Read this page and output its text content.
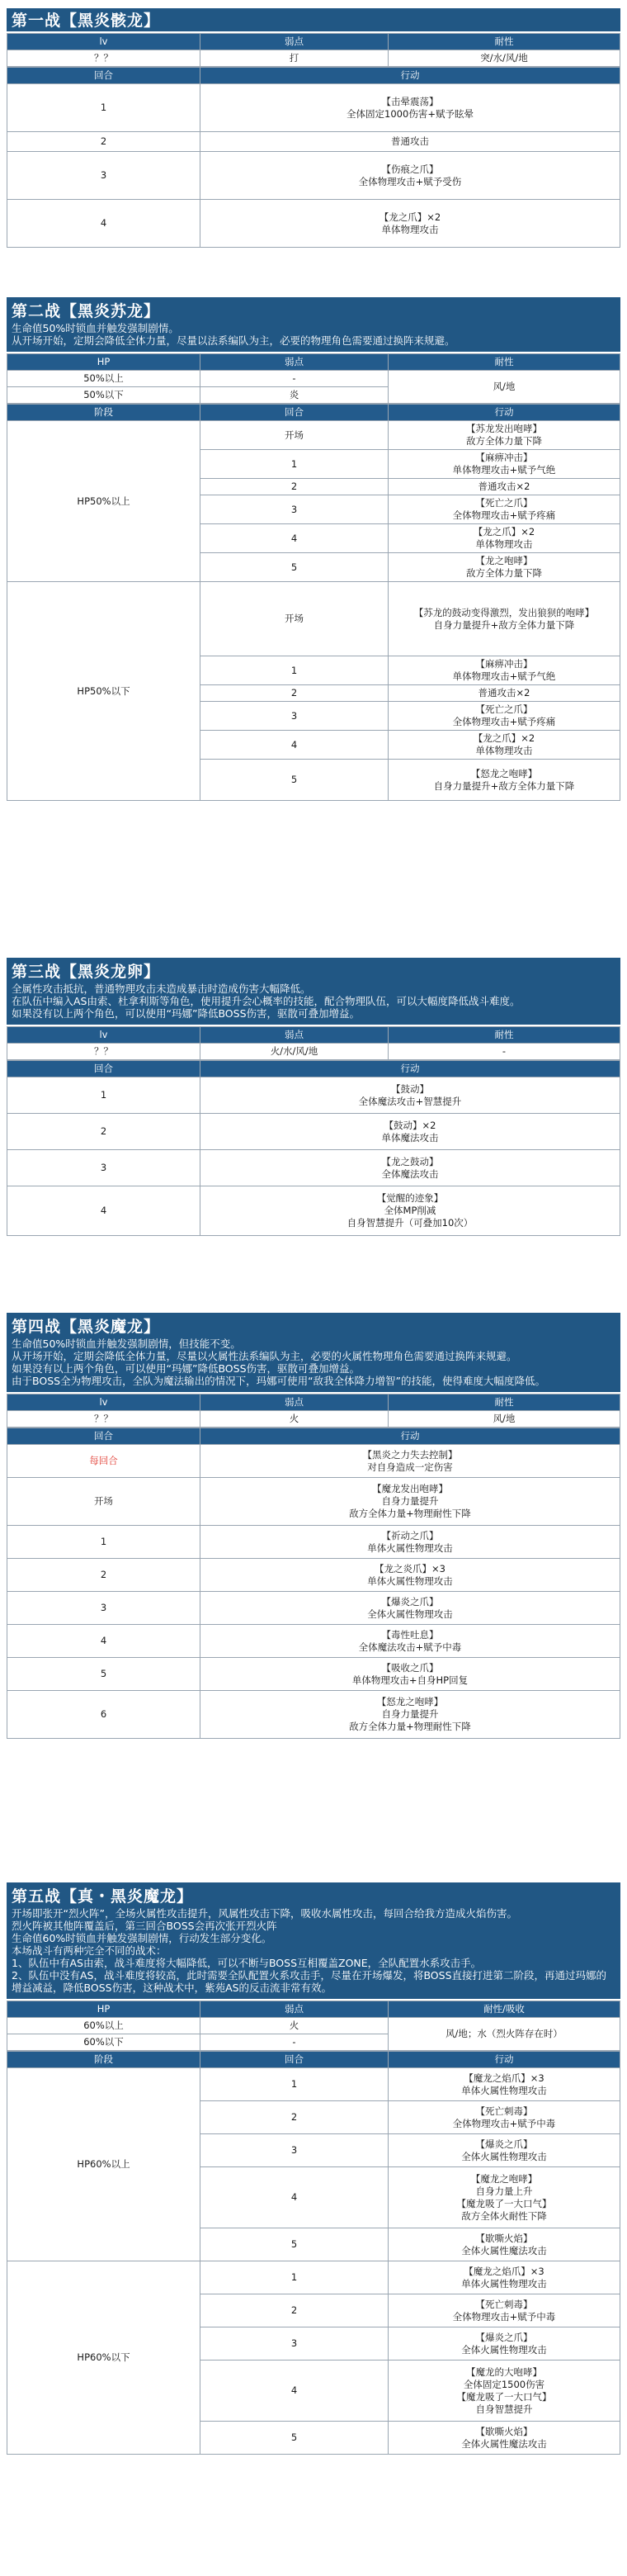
第一战【黑炎骸龙】
lv	弱点	耐性
？？	打	突/水/风/地
回合	行动
1	【击晕震荡】
全体固定1000伤害+赋予眩晕
2	普通攻击
3	【伤痕之爪】
全体物理攻击+赋予受伤
4	【龙之爪】×2
单体物理攻击
第二战【黑炎苏龙】
生命值50%时锁血并触发强制剧情。
从开场开始，定期会降低全体力量，尽量以法系编队为主，必要的物理角色需要通过换阵来规避。
HP	弱点	耐性
50%以上	-	风/地
50%以下	炎	
阶段	回合	行动
HP50%以上	开场	【苏龙发出咆哮】
敌方全体力量下降
	1	【麻痹冲击】
单体物理攻击+赋予气绝
	2	普通攻击×2
	3	【死亡之爪】
全体物理攻击+赋予疼痛
	4	【龙之爪】×2
单体物理攻击
	5	【龙之咆哮】
敌方全体力量下降
HP50%以下	开场	【苏龙的鼓动变得激烈，发出狼狈的咆哮】
自身力量提升+敌方全体力量下降
	1	【麻痹冲击】
单体物理攻击+赋予气绝
	2	普通攻击×2
	3	【死亡之爪】
全体物理攻击+赋予疼痛
	4	【龙之爪】×2
单体物理攻击
	5	【怒龙之咆哮】
自身力量提升+敌方全体力量下降
第三战【黑炎龙卵】
全属性攻击抵抗，普通物理攻击未造成暴击时造成伤害大幅降低。
在队伍中编入AS由索、杜拿利斯等角色，使用提升会心概率的技能，配合物理队伍，可以大幅度降低战斗难度。
如果没有以上两个角色，可以使用“玛娜”降低BOSS伤害，驱散可叠加增益。
lv	弱点	耐性
？？	火/水/风/地	-
回合	行动
1	【鼓动】
全体魔法攻击+智慧提升
2	【鼓动】×2
单体魔法攻击
3	【龙之鼓动】
全体魔法攻击
4	【觉醒的迹象】
全体MP削减
自身智慧提升（可叠加10次）
第四战【黑炎魔龙】
生命值50%时锁血并触发强制剧情，但技能不变。
从开场开始，定期会降低全体力量，尽量以火属性法系编队为主，必要的火属性物理角色需要通过换阵来规避。
如果没有以上两个角色，可以使用“玛娜”降低BOSS伤害，驱散可叠加增益。
由于BOSS全为物理攻击，全队为魔法输出的情况下，玛娜可使用“敌我全体降力增智”的技能，使得难度大幅度降低。
lv	弱点	耐性
？？	火	风/地
回合	行动
每回合	【黑炎之力失去控制】
对自身造成一定伤害
开场	【魔龙发出咆哮】
自身力量提升
敌方全体力量+物理耐性下降
1	【祈动之爪】
单体火属性物理攻击
2	【龙之炎爪】×3
单体火属性物理攻击
3	【爆炎之爪】
全体火属性物理攻击
4	【毒性吐息】
全体魔法攻击+赋予中毒
5	【吸收之爪】
单体物理攻击+自身HP回复
6	【怒龙之咆哮】
自身力量提升
敌方全体力量+物理耐性下降
第五战【真・黑炎魔龙】
开场即张开“烈火阵”，全场火属性攻击提升，风属性攻击下降，吸收水属性攻击，每回合给我方造成火焰伤害。
烈火阵被其他阵覆盖后，第三回合BOSS会再次张开烈火阵
生命值60%时锁血并触发强制剧情，行动发生部分变化。
本场战斗有两种完全不同的战术：
1、队伍中有AS由索，战斗难度将大幅降低，可以不断与BOSS互相覆盖ZONE，全队配置水系攻击手。
2、队伍中没有AS，战斗难度将较高，此时需要全队配置火系攻击手，尽量在开场爆发，将BOSS直接打进第二阶段，再通过玛娜的增益减益，降低BOSS伤害，这种战术中，紫苑AS的反击流非常有效。
HP	弱点	耐性/吸收
60%以上	火	风/地；水（烈火阵存在时）
60%以下	-	
阶段	回合	行动
HP60%以上	1	【魔龙之焰爪】×3
单体火属性物理攻击
	2	【死亡刺毒】
全体物理攻击+赋予中毒
	3	【爆炎之爪】
全体火属性物理攻击
	4	【魔龙之咆哮】
自身力量上升
【魔龙吸了一大口气】
敌方全体火耐性下降
	5	【歇嘶火焰】
全体火属性魔法攻击
HP60%以下	1	【魔龙之焰爪】×3
单体火属性物理攻击
	2	【死亡刺毒】
全体物理攻击+赋予中毒
	3	【爆炎之爪】
全体火属性物理攻击
	4	【魔龙的大咆哮】
全体固定1500伤害
【魔龙吸了一大口气】
自身智慧提升
	5	【歇嘶火焰】
全体火属性魔法攻击
